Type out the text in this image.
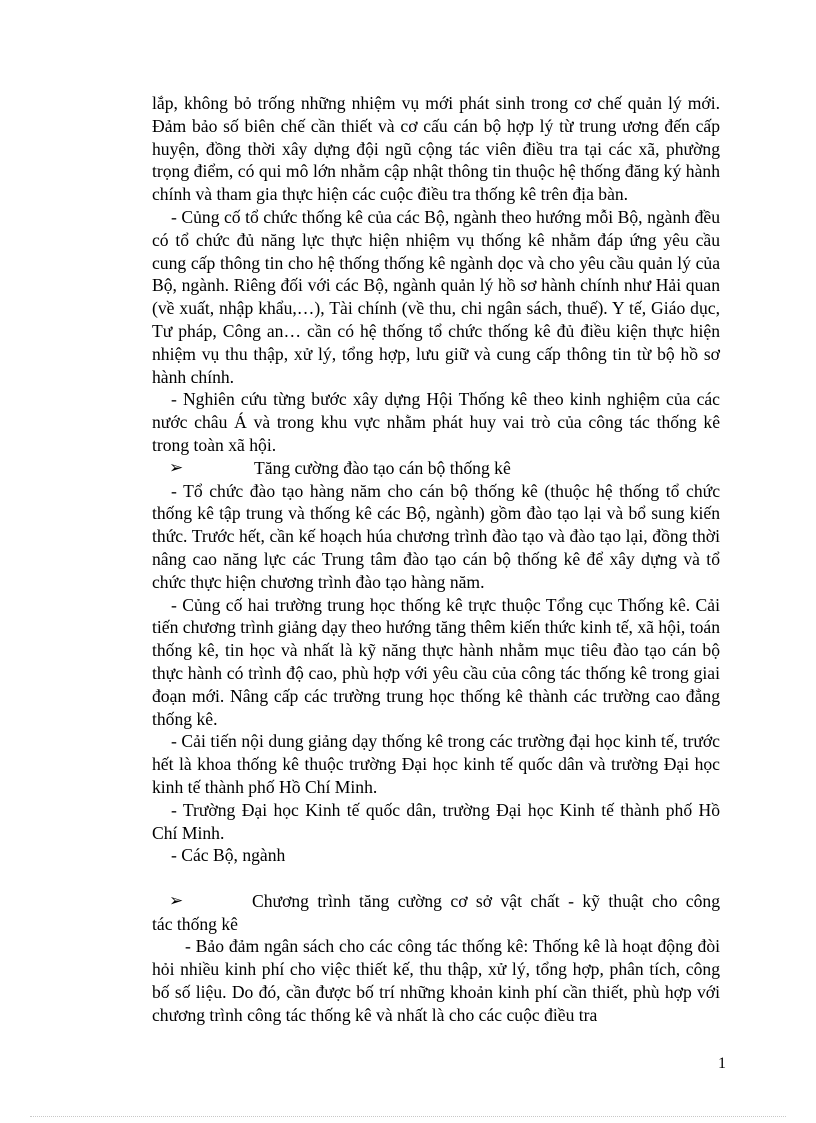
lắp, không bỏ trống những nhiệm vụ mới phát sinh trong cơ chế quản lý mới. Đảm bảo số biên chế cần thiết và cơ cấu cán bộ hợp lý từ trung ương đến cấp huyện, đồng thời xây dựng đội ngũ cộng tác viên điều tra tại các xã, phường trọng điểm, có qui mô lớn nhằm cập nhật thông tin thuộc hệ thống đăng ký hành chính và tham gia thực hiện các cuộc điều tra thống kê trên địa bàn.

- Củng cố tổ chức thống kê của các Bộ, ngành theo hướng mỗi Bộ, ngành đều có tổ chức đủ năng lực thực hiện nhiệm vụ thống kê nhằm đáp ứng yêu cầu cung cấp thông tin cho hệ thống thống kê ngành dọc và cho yêu cầu quản lý của Bộ, ngành. Riêng đối với các Bộ, ngành quản lý hồ sơ hành chính như Hải quan (về xuất, nhập khẩu,…), Tài chính (về thu, chi ngân sách, thuế). Y tế, Giáo dục, Tư pháp, Công an… cần có hệ thống tổ chức thống kê đủ điều kiện thực hiện nhiệm vụ thu thập, xử lý, tổng hợp, lưu giữ và cung cấp thông tin từ bộ hồ sơ hành chính.

- Nghiên cứu từng bước xây dựng Hội Thống kê theo kinh nghiệm của các nước châu Á và trong khu vực nhằm phát huy vai trò của công tác thống kê trong toàn xã hội.

➢	Tăng cường đào tạo cán bộ thống kê

- Tổ chức đào tạo hàng năm cho cán bộ thống kê (thuộc hệ thống tổ chức thống kê tập trung và thống kê các Bộ, ngành) gồm đào tạo lại và bổ sung kiến thức. Trước hết, cần kế hoạch húa chương trình đào tạo và đào tạo lại, đồng thời nâng cao năng lực các Trung tâm đào tạo cán bộ thống kê để xây dựng và tổ chức thực hiện chương trình đào tạo hàng năm.

- Củng cố hai trường trung học thống kê trực thuộc Tổng cục Thống kê. Cải tiến chương trình giảng dạy theo hướng tăng thêm kiến thức kinh tế, xã hội, toán thống kê, tin học và nhất là kỹ năng thực hành nhằm mục tiêu đào tạo cán bộ thực hành có trình độ cao, phù hợp với yêu cầu của công tác thống kê trong giai đoạn mới. Nâng cấp các trường trung học thống kê thành các trường cao đẳng thống kê.

- Cải tiến nội dung giảng dạy thống kê trong các trường đại học kinh tế, trước hết là khoa thống kê thuộc trường Đại học kinh tế quốc dân và trường Đại học kinh tế thành phố Hồ Chí Minh.

- Trường Đại học Kinh tế quốc dân, trường Đại học Kinh tế thành phố Hồ Chí Minh.

- Các Bộ, ngành

➢	Chương trình tăng cường cơ sở vật chất - kỹ thuật cho công
tác thống kê

- Bảo đảm ngân sách cho các công tác thống kê: Thống kê là hoạt động đòi hỏi nhiều kinh phí cho việc thiết kế, thu thập, xử lý, tổng hợp, phân tích, công bố số liệu. Do đó, cần được bố trí những khoản kinh phí cần thiết, phù hợp với chương trình công tác thống kê và nhất là cho các cuộc điều tra

1
